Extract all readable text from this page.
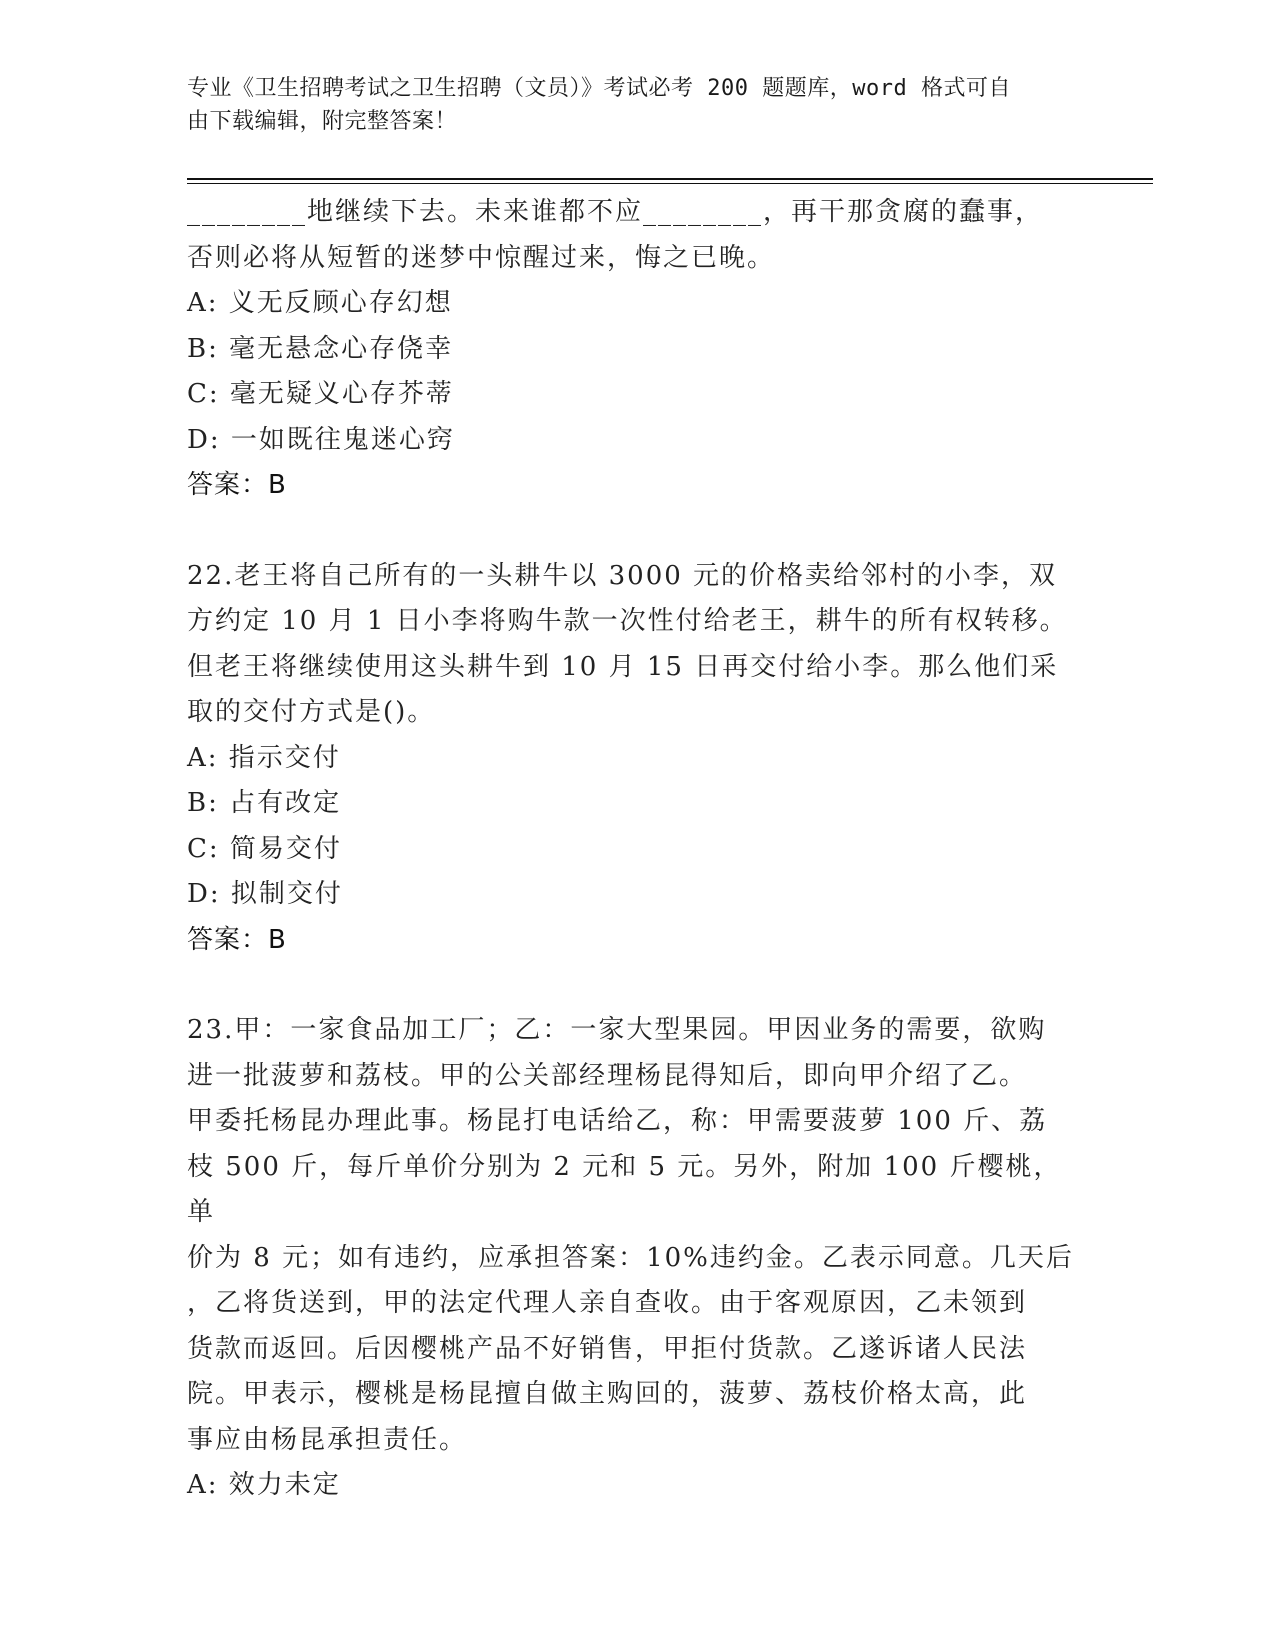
专业《卫生招聘考试之卫生招聘（文员）》考试必考 200 题题库，word 格式可自
由下载编辑，附完整答案！

________地继续下去。未来谁都不应________，再干那贪腐的蠢事，

否则必将从短暂的迷梦中惊醒过来，悔之已晚。

A: 义无反顾心存幻想

B: 毫无悬念心存侥幸

C: 毫无疑义心存芥蒂

D: 一如既往鬼迷心窍

答案：B

22.老王将自己所有的一头耕牛以 3000 元的价格卖给邻村的小李，双

方约定 10 月 1 日小李将购牛款一次性付给老王，耕牛的所有权转移。

但老王将继续使用这头耕牛到 10 月 15 日再交付给小李。那么他们采

取的交付方式是()。

A: 指示交付

B: 占有改定

C: 简易交付

D: 拟制交付

答案：B

23.甲：一家食品加工厂；乙：一家大型果园。甲因业务的需要，欲购

进一批菠萝和荔枝。甲的公关部经理杨昆得知后，即向甲介绍了乙。

甲委托杨昆办理此事。杨昆打电话给乙，称：甲需要菠萝 100 斤、荔

枝 500 斤，每斤单价分别为 2 元和 5 元。另外，附加 100 斤樱桃，单

价为 8 元；如有违约，应承担答案：10%违约金。乙表示同意。几天后

，乙将货送到，甲的法定代理人亲自查收。由于客观原因，乙未领到

货款而返回。后因樱桃产品不好销售，甲拒付货款。乙遂诉诸人民法

院。甲表示，樱桃是杨昆擅自做主购回的，菠萝、荔枝价格太高，此

事应由杨昆承担责任。

A: 效力未定
